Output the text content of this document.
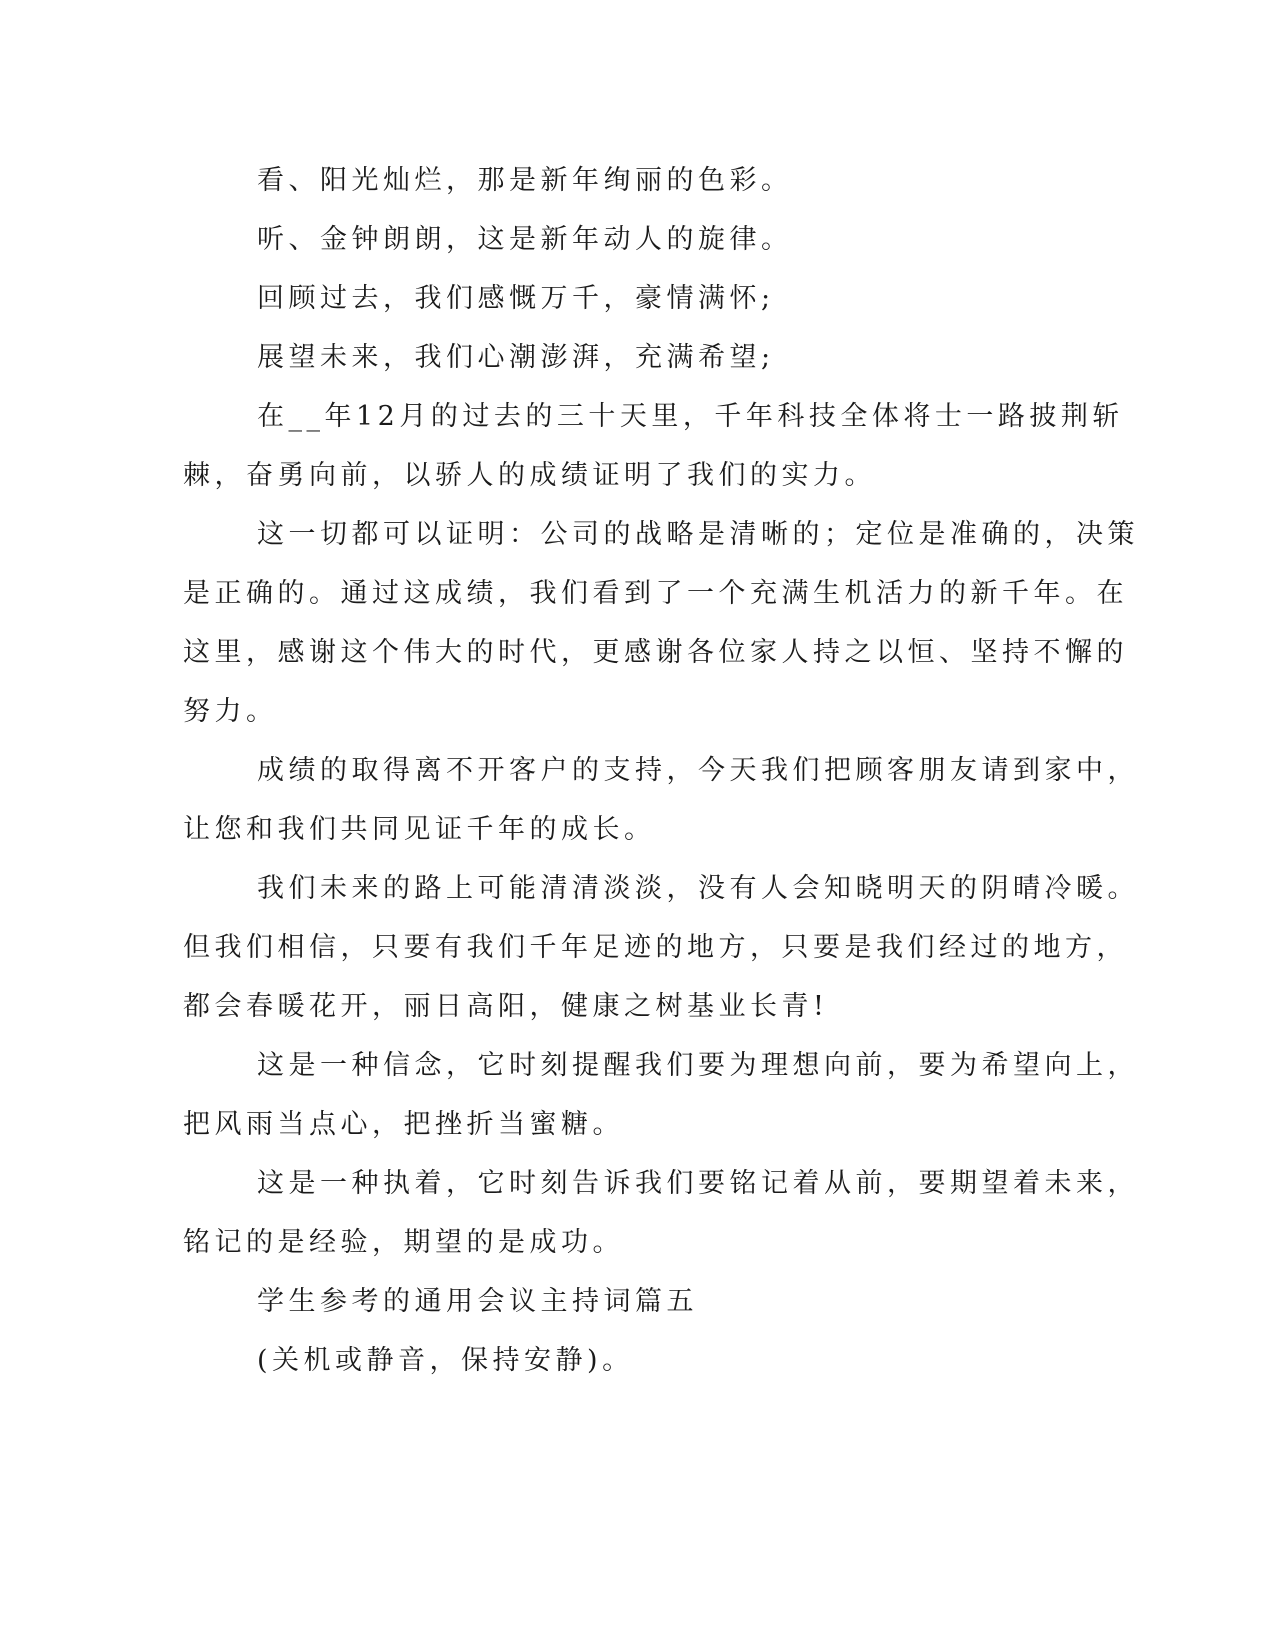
看、阳光灿烂，那是新年绚丽的色彩。
听、金钟朗朗，这是新年动人的旋律。
回顾过去，我们感慨万千，豪情满怀;
展望未来，我们心潮澎湃，充满希望;
在__年12月的过去的三十天里，千年科技全体将士一路披荆斩
棘，奋勇向前，以骄人的成绩证明了我们的实力。
这一切都可以证明：公司的战略是清晰的；定位是准确的，决策
是正确的。通过这成绩，我们看到了一个充满生机活力的新千年。在
这里，感谢这个伟大的时代，更感谢各位家人持之以恒、坚持不懈的
努力。
成绩的取得离不开客户的支持，今天我们把顾客朋友请到家中，
让您和我们共同见证千年的成长。
我们未来的路上可能清清淡淡，没有人会知晓明天的阴晴冷暖。
但我们相信，只要有我们千年足迹的地方，只要是我们经过的地方，
都会春暖花开，丽日高阳，健康之树基业长青!
这是一种信念，它时刻提醒我们要为理想向前，要为希望向上，
把风雨当点心，把挫折当蜜糖。
这是一种执着，它时刻告诉我们要铭记着从前，要期望着未来，
铭记的是经验，期望的是成功。
学生参考的通用会议主持词篇五
(关机或静音，保持安静)。
